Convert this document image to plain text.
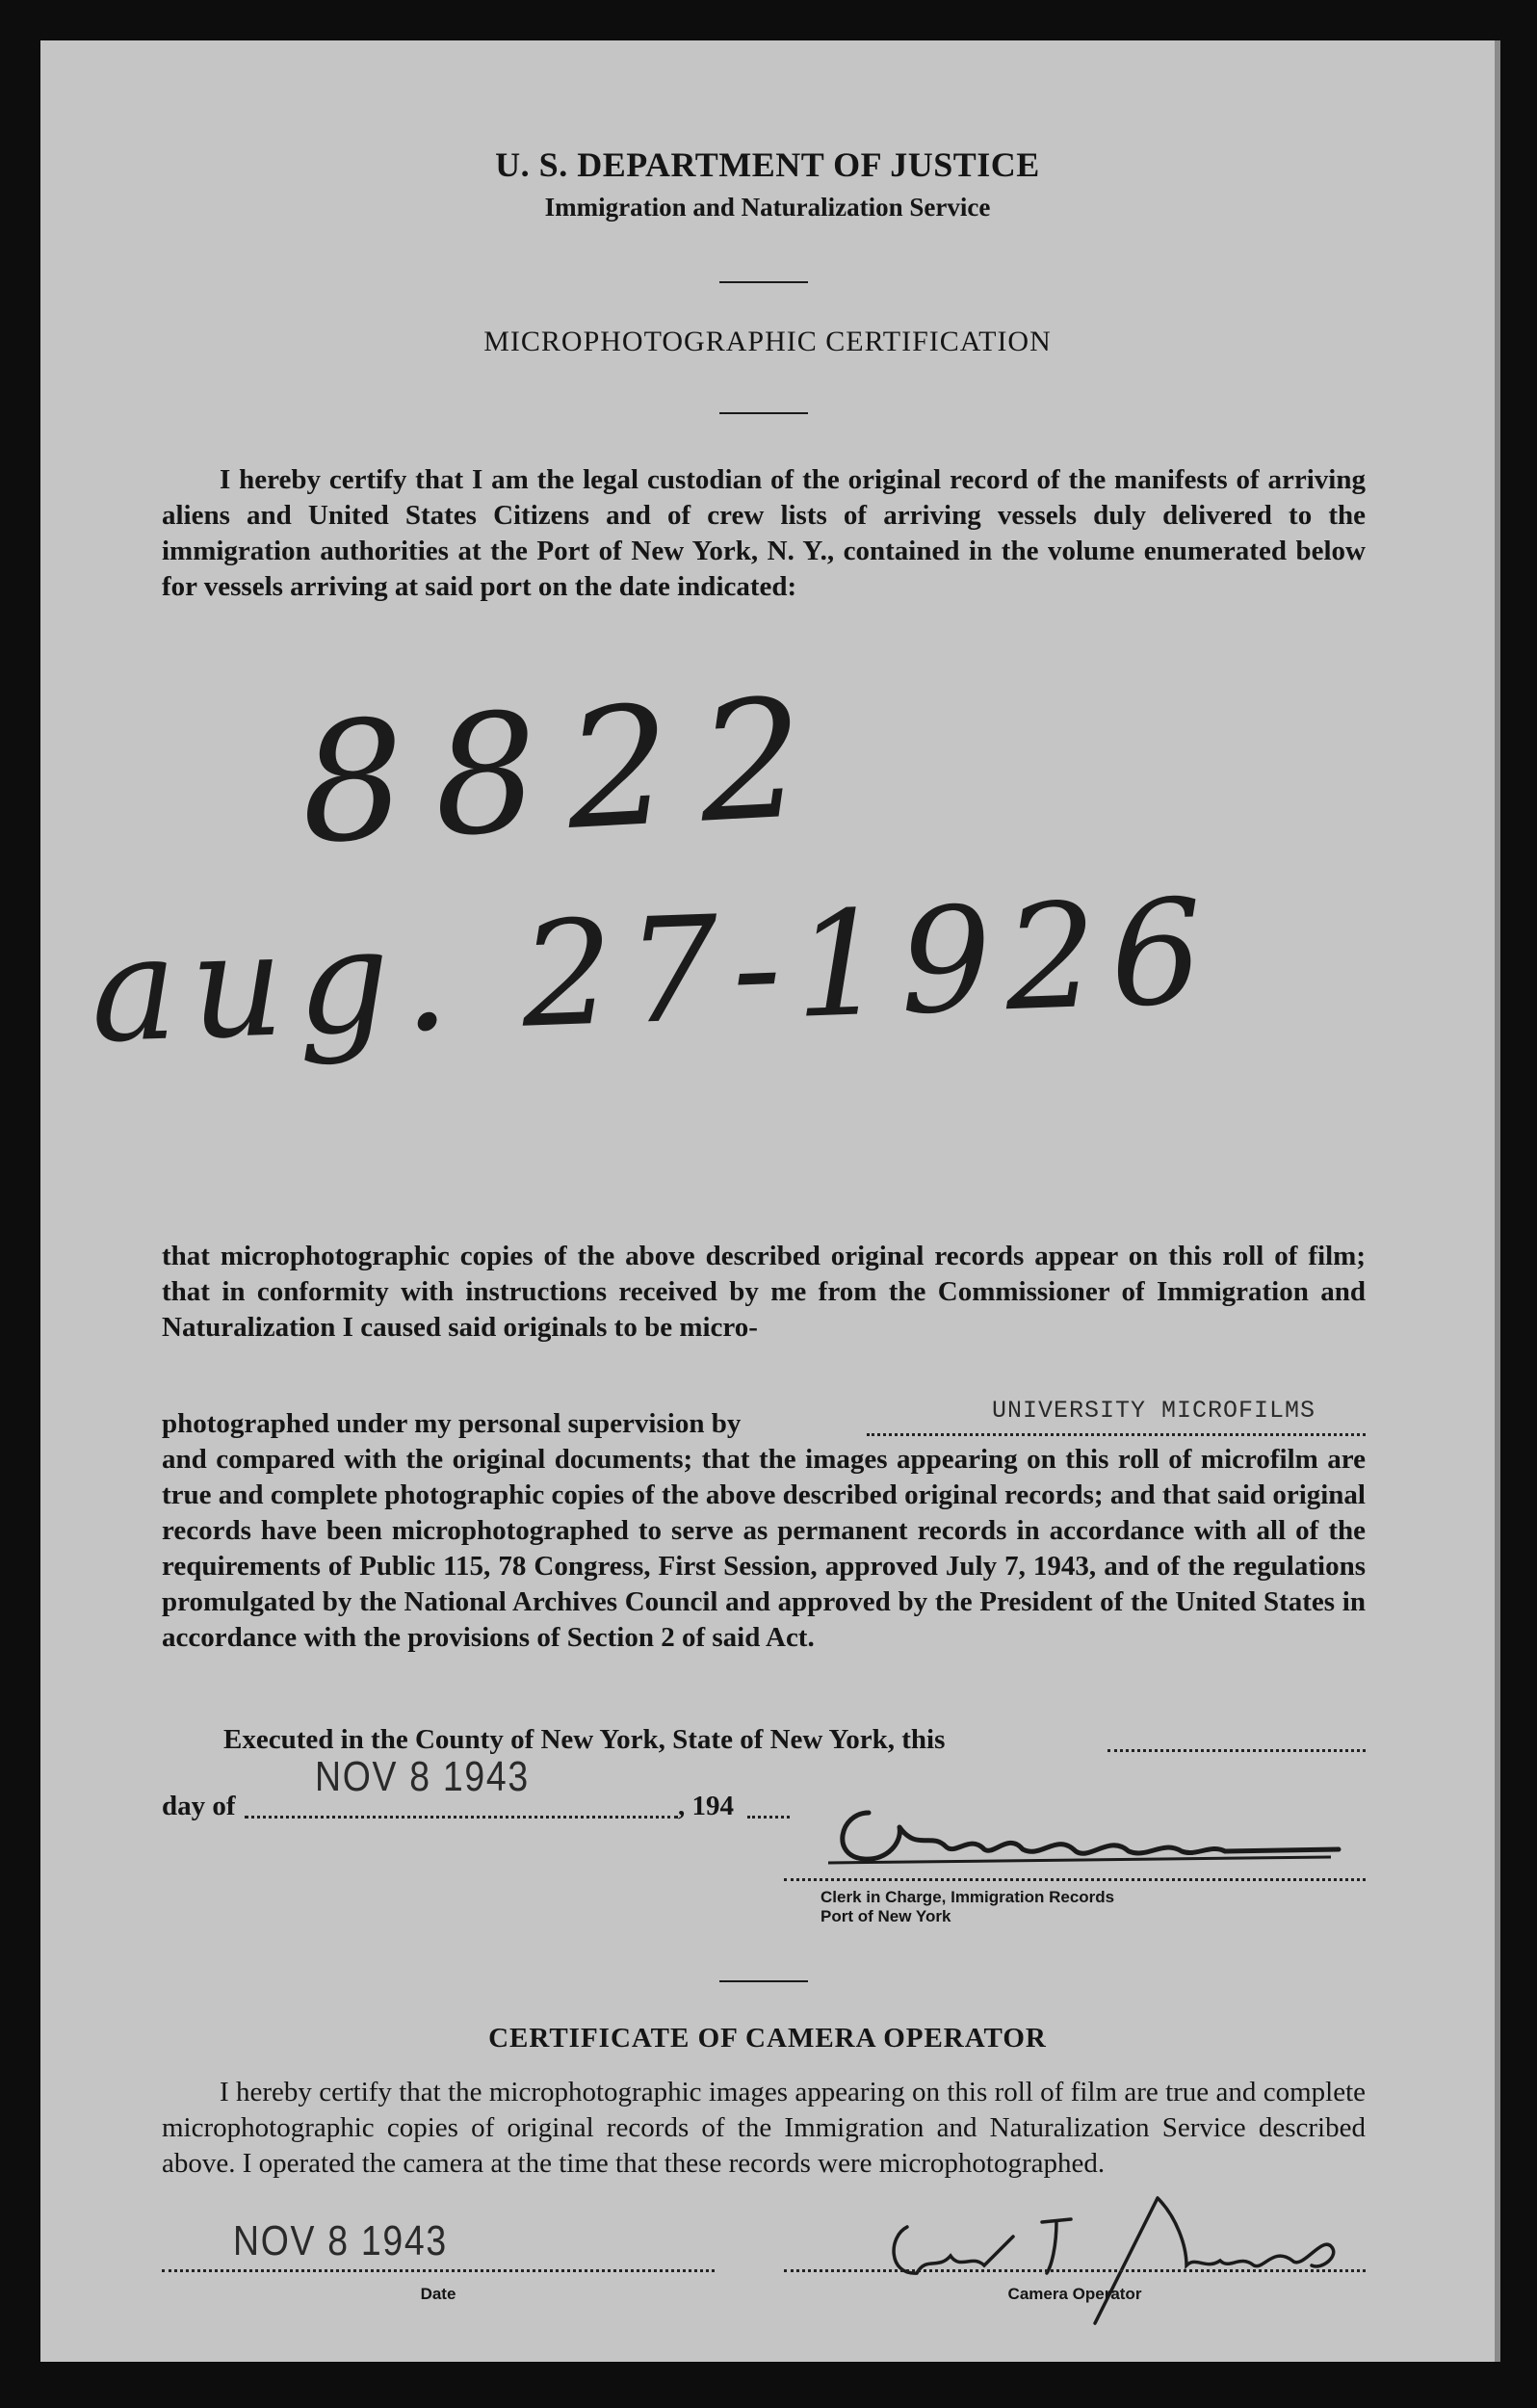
U. S. DEPARTMENT OF JUSTICE
Immigration and Naturalization Service
MICROPHOTOGRAPHIC CERTIFICATION
I hereby certify that I am the legal custodian of the original record of the manifests of arriving aliens and United States Citizens and of crew lists of arriving vessels duly delivered to the immigration authorities at the Port of New York, N. Y., contained in the volume enumerated below for vessels arriving at said port on the date indicated:
8822
aug. 27-1926
that microphotographic copies of the above described original records appear on this roll of film; that in conformity with instructions received by me from the Commissioner of Immigration and Naturalization I caused said originals to be micro-
photographed under my personal supervision by	UNIVERSITY MICROFILMS
and compared with the original documents; that the images appearing on this roll of microfilm are true and complete photographic copies of the above described original records; and that said original records have been microphotographed to serve as permanent records in accordance with all of the requirements of Public 115, 78 Congress, First Session, approved July 7, 1943, and of the regulations promulgated by the National Archives Council and approved by the President of the United States in accordance with the provisions of Section 2 of said Act.
Executed in the County of New York, State of New York, this
day of
NOV 8 1943
, 194
Clerk in Charge, Immigration Records
Port of New York
CERTIFICATE OF CAMERA OPERATOR
I hereby certify that the microphotographic images appearing on this roll of film are true and complete microphotographic copies of original records of the Immigration and Naturalization Service described above. I operated the camera at the time that these records were microphotographed.
NOV 8 1943
Date	Camera Operator
